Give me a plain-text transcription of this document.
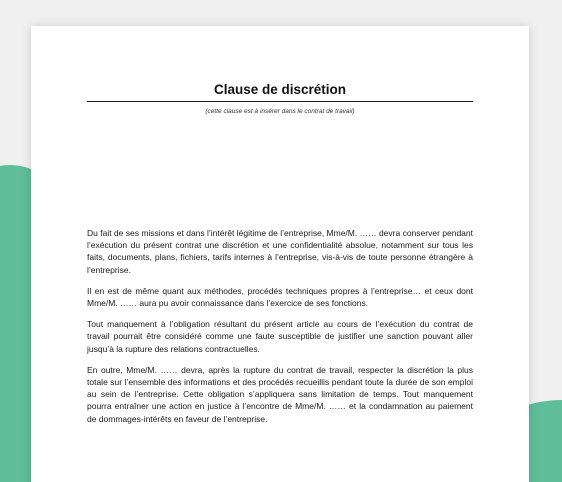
Clause de discrétion
(cette clause est à insérer dans le contrat de travail)

Du fait de ses missions et dans l’intérêt légitime de l’entreprise, Mme/M. …… devra conserver pendant l’exécution du présent contrat une discrétion et une confidentialité absolue, notamment sur tous les faits, documents, plans, fichiers, tarifs internes à l’entreprise, vis-à-vis de toute personne étrangère à l’entreprise.

Il en est de même quant aux méthodes, procédés techniques propres à l’entreprise… et ceux dont Mme/M. …… aura pu avoir connaissance dans l’exercice de ses fonctions.

Tout manquement à l’obligation résultant du présent article au cours de l’exécution du contrat de travail pourrait être considéré comme une faute susceptible de justifier une sanction pouvant aller jusqu’à la rupture des relations contractuelles.

En outre, Mme/M. …… devra, après la rupture du contrat de travail, respecter la discrétion la plus totale sur l’ensemble des informations et des procédés recueillis pendant toute la durée de son emploi au sein de l’entreprise. Cette obligation s’appliquera sans limitation de temps. Tout manquement pourra entraîner une action en justice à l’encontre de Mme/M. …… et la condamnation au paiement de dommages-intérêts en faveur de l’entreprise.
